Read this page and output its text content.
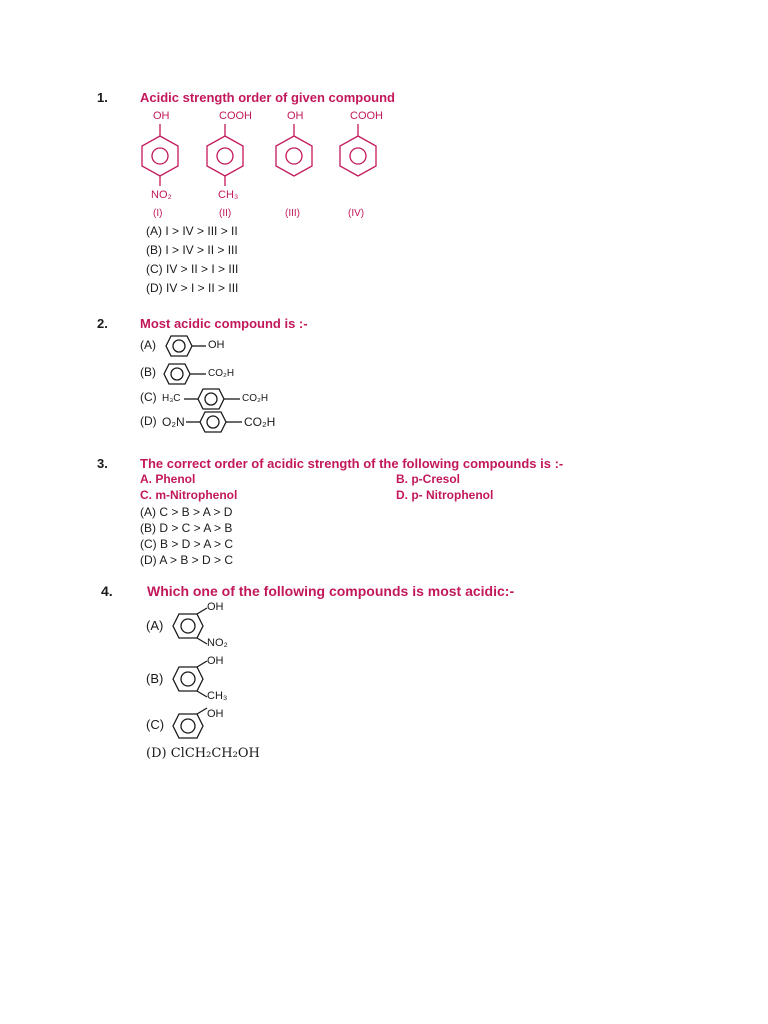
1. Acidic strength order of given compound
OH	COOH	OH	COOH
NO₂	CH₃
(I)	(II)	(III)	(IV)
(A) I > IV > III > II
(B) I > IV > II > III
(C) IV > II > I > III
(D) IV > I > II > III
2. Most acidic compound is :-
(A)
(B)
(C)
(D)
OH
CO₂H
H₃C	CO₂H
O₂N	CO₂H
3. The correct order of acidic strength of the following compounds is :-
A. Phenol	B. p-Cresol
C. m-Nitrophenol	D. p- Nitrophenol
(A) C > B > A > D
(B) D > C > A > B
(C) B > D > A > C
(D) A > B > D > C
4. Which one of the following compounds is most acidic:-
(A)
(B)
(C)
(D) ClCH₂CH₂OH
OH
NO₂
OH
CH₃
OH
